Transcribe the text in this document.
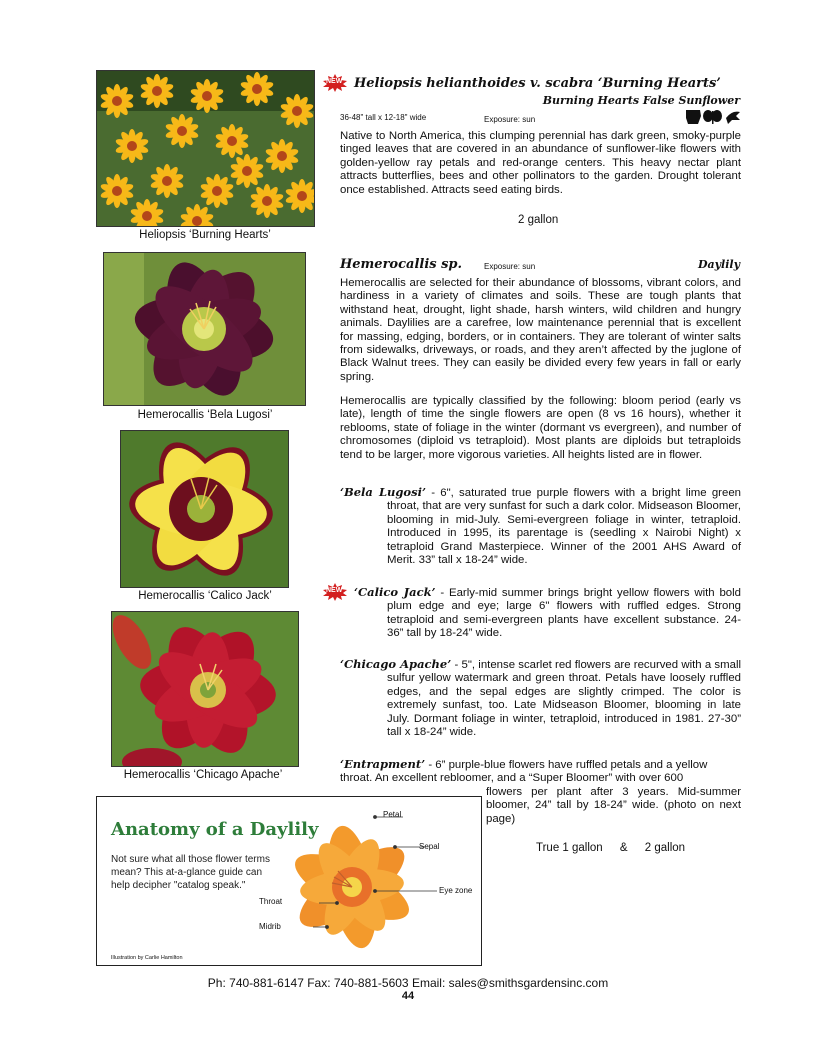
Heliopsis ‘Burning Hearts’
Hemerocallis ‘Bela Lugosi’
Hemerocallis ‘Calico Jack’
Hemerocallis ‘Chicago Apache’
NEW Heliopsis helianthoides v. scabra ‘Burning Hearts’
Burning Hearts False Sunflower
36-48" tall x 12-18" wide	Exposure: sun
Native to North America, this clumping perennial has dark green, smoky-purple tinged leaves that are covered in an abundance of sunflower-like flowers with golden-yellow ray petals and red-orange centers. This heavy nectar plant attracts butterflies, bees and other pollinators to the garden. Drought tolerant once established. Attracts seed eating birds.
2 gallon
Hemerocallis sp.	Exposure: sun	Daylily
Hemerocallis are selected for their abundance of blossoms, vibrant colors, and hardiness in a variety of climates and soils. These are tough plants that withstand heat, drought, light shade, harsh winters, wild children and hungry animals. Daylilies are a carefree, low maintenance perennial that is excellent for massing, edging, borders, or in containers. They are tolerant of winter salts from sidewalks, driveways, or roads, and they aren’t affected by the juglone of Black Walnut trees. They can easily be divided every few years in fall or early spring.
Hemerocallis are typically classified by the following: bloom period (early vs late), length of time the single flowers are open (8 vs 16 hours), whether it reblooms, state of foliage in the winter (dormant vs evergreen), and number of chromosomes (diploid vs tetraploid). Most plants are diploids but tetraploids tend to be larger, more vigorous varieties. All heights listed are in flower.
‘Bela Lugosi’ - 6", saturated true purple flowers with a bright lime green throat, that are very sunfast for such a dark color. Midseason Bloomer, blooming in mid-July. Semi-evergreen foliage in winter, tetraploid. Introduced in 1995, its parentage is (seedling x Nairobi Night) x tetraploid Grand Masterpiece. Winner of the 2001 AHS Award of Merit. 33” tall x 18-24” wide.
NEW ‘Calico Jack’ - Early-mid summer brings bright yellow flowers with bold plum edge and eye; large 6" flowers with ruffled edges. Strong tetraploid and semi-evergreen plants have excellent substance. 24-36” tall by 18-24” wide.
‘Chicago Apache’ - 5", intense scarlet red flowers are recurved with a small sulfur yellow watermark and green throat. Petals have loosely ruffled edges, and the sepal edges are slightly crimped. The color is extremely sunfast, too. Late Midseason Bloomer, blooming in late July. Dormant foliage in winter, tetraploid, introduced in 1981. 27-30” tall x 18-24” wide.
‘Entrapment’ - 6” purple-blue flowers have ruffled petals and a yellow
throat. An excellent rebloomer, and a “Super Bloomer” with over 600
flowers per plant after 3 years. Mid-summer bloomer, 24” tall by 18-24” wide. (photo on next page)
True 1 gallon & 2 gallon
Anatomy of a Daylily
Not sure what all those flower terms mean? This at-a-glance guide can help decipher "catalog speak."
Petal
Sepal
Eye zone
Throat
Midrib
Illustration by Carlie Hamilton
Ph: 740-881-6147 Fax: 740-881-5603 Email: sales@smithsgardensinc.com
44
